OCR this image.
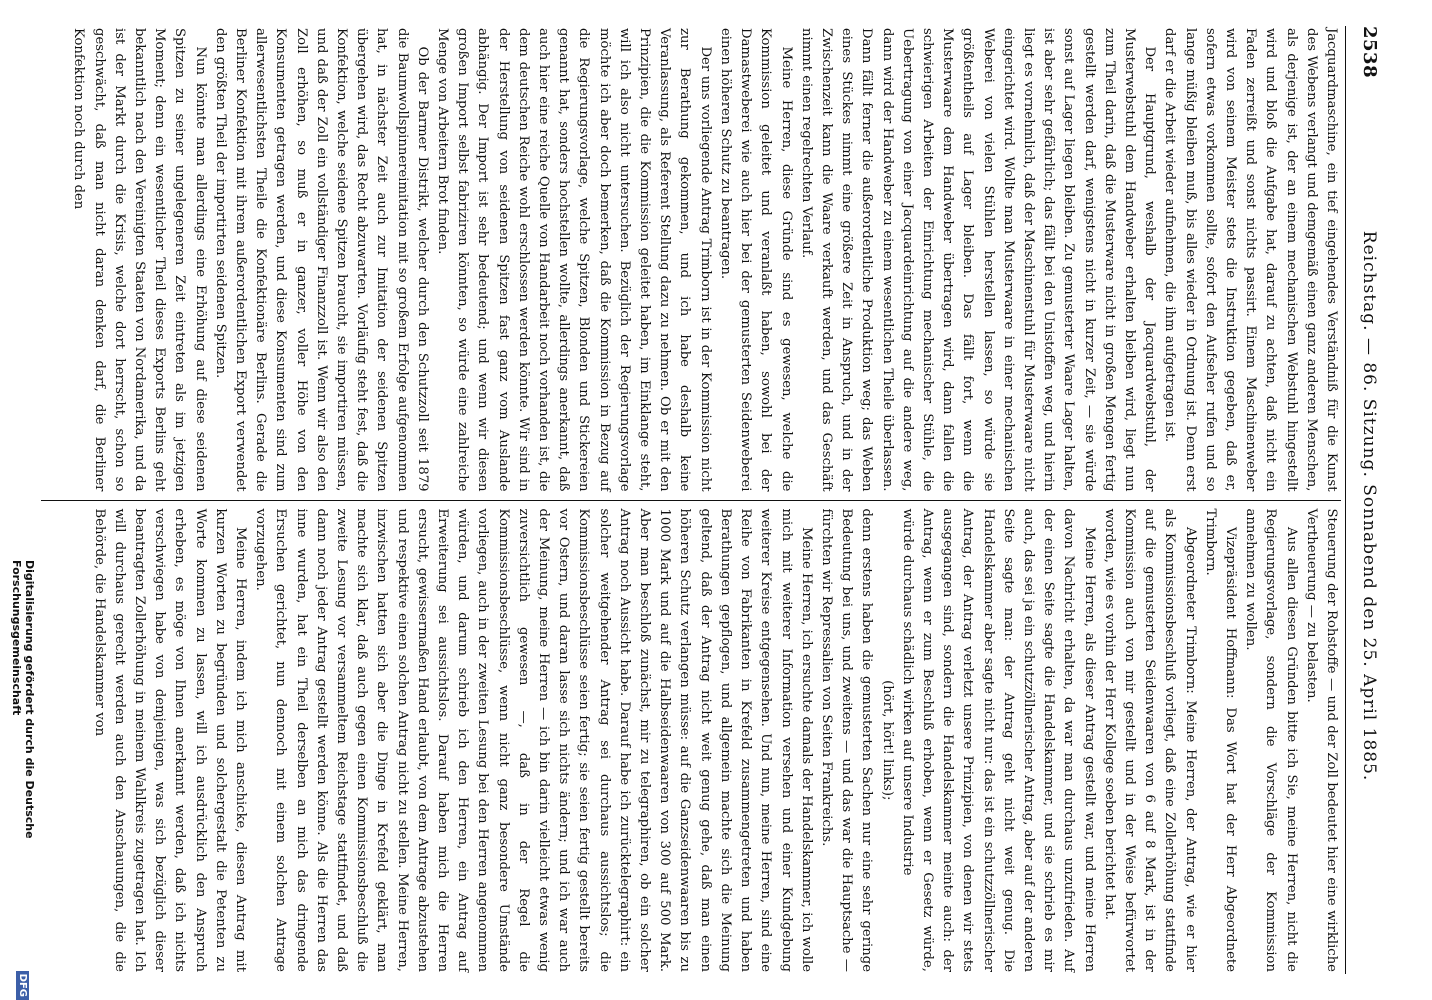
2538
Reichstag. — 86. Sitzung. Sonnabend den 25. April 1885.

Jacquardmaschine, ein tief eingehendes Verständniß für die Kunst des Webens verlangt und demgemäß einen ganz anderen Menschen, als derjenige ist, der an einem mechanischen Webstuhl hingestellt wird und bloß die Aufgabe hat, darauf zu achten, daß nicht ein Faden zerreißt und sonst nichts passirt. Einem Maschinenweber wird von seinem Meister stets die Instruktion gegeben, daß er, sofern etwas vorkommen sollte, sofort den Aufseher rufen und so lange müßig bleiben muß, bis alles wieder in Ordnung ist. Denn erst darf er die Arbeit wieder aufnehmen, die ihm aufgetragen ist.

Der Hauptgrund, weshalb der Jacquardwebstuhl, der Musterwebstuhl dem Handweber erhalten bleiben wird, liegt nun zum Theil darin, daß die Musterware nicht in großen Mengen fertig gestellt werden darf, wenigstens nicht in kurzer Zeit, — sie würde sonst auf Lager liegen bleiben. Zu gemusterter Waare Lager halten, ist aber sehr gefährlich; das fällt bei den Unistoffen weg, und hierin liegt es vornehmlich, daß der Maschinenstuhl für Musterwaare nicht eingerichtet wird. Wollte man Musterwaare in einer mechanischen Weberei von vielen Stühlen herstellen lassen, so würde sie größtentheils auf Lager bleiben. Das fällt fort, wenn die Musterwaare dem Handweber übertragen wird, dann fallen die schwierigen Arbeiten der Einrichtung mechanischer Stühle, die Uebertragung von einer Jacquardeinrichtung auf die andere weg, dann wird der Handweber zu einem wesentlichen Theile überlassen. Dann fällt ferner die außerordentliche Produktion weg; das Weben eines Stückes nimmt eine größere Zeit in Anspruch, und in der Zwischenzeit kann die Waare verkauft werden, und das Geschäft nimmt einen regelrechten Verlauf.

Meine Herren, diese Gründe sind es gewesen, welche die Kommission geleitet und veranlaßt haben, sowohl bei der Damastweberei wie auch hier bei der gemusterten Seidenweberei einen höheren Schutz zu beantragen.

Der uns vorliegende Antrag Trimborn ist in der Kommission nicht zur Berathung gekommen, und ich habe deshalb keine Veranlassung, als Referent Stellung dazu zu nehmen. Ob er mit den Prinzipien, die die Kommission geleitet haben, im Einklange steht, will ich also nicht untersuchen. Bezüglich der Regierungsvorlage möchte ich aber doch bemerken, daß die Kommission in Bezug auf die Regierungsvorlage, welche Spitzen, Blonden und Stickereien genannt hat, sonders hochstellen wollte, allerdings anerkannt, daß auch hier eine reiche Quelle von Handarbeit noch vorhanden ist, die dem deutschen Reiche wohl erschlossen werden könnte. Wir sind in der Herstellung von seidenen Spitzen fast ganz vom Auslande abhängig. Der Import ist sehr bedeutend; und wenn wir diesen großen Import selbst fabriziren könnten, so würde eine zahlreiche Menge von Arbeitern Brot finden.

Ob der Barmer Distrikt, welcher durch den Schutzzoll seit 1879 die Baumwollspinnereimitation mit so großem Erfolge aufgenommen hat, in nächster Zeit auch zur Imitation der seidenen Spitzen übergehen wird, das Recht abzuwarten. Vorläufig steht fest, daß die Konfektion, welche seidene Spitzen braucht, sie importiren müssen, und daß der Zoll ein vollständiger Finanzzoll ist. Wenn wir also den Zoll erhöhen, so muß er in ganzer, voller Höhe von den Konsumenten getragen werden, und diese Konsumenten sind zum allerwesentlichsten Theile die Konfektionäre Berlins. Gerade die Berliner Konfektion mit ihrem außerordentlichen Export verwendet den größten Theil der importirten seidenen Spitzen.

Nun könnte man allerdings eine Erhöhung auf diese seidenen Spitzen zu seiner ungelegeneren Zeit eintreten als im jetzigen Moment; denn ein wesentlicher Theil dieses Exports Berlins geht bekanntlich nach den Vereinigten Staaten von Nordamerika, und da ist der Markt durch die Krisis, welche dort herrscht, schon so geschwächt, daß man nicht daran denken darf, die Berliner Konfektion noch durch den

Steuerung der Rohstoffe — und der Zoll bedeutet hier eine wirkliche Vertheuerung — zu belasten.

Aus allen diesen Gründen bitte ich Sie, meine Herren, nicht die Regierungsvorlage, sondern die Vorschläge der Kommission annehmen zu wollen.

Vizepräsident Hoffmann: Das Wort hat der Herr Abgeordnete Trimborn.

Abgeordneter Trimborn: Meine Herren, der Antrag, wie er hier als Kommissionsbeschluß vorliegt, daß eine Zollerhöhung stattfinde auf die gemusterten Seidenwaaren von 6 auf 8 Mark, ist in der Kommission auch von mir gestellt und in der Weise befürwortet worden, wie es vorhin der Herr Kollege soeben berichtet hat.

Meine Herren, als dieser Antrag gestellt war, und meine Herren davon Nachricht erhalten, da war man durchaus unzufrieden. Auf der einen Seite sagte die Handelskammer, und sie schrieb es mir auch, das sei ja ein schutzzöllnerischer Antrag, aber auf der anderen Seite sagte man: der Antrag geht nicht weit genug. Die Handelskammer aber sagte nicht nur: das ist ein schutzzöllnerischer Antrag, der Antrag verletzt unsere Prinzipien, von denen wir stets ausgegangen sind, sondern die Handelskammer meinte auch: der Antrag, wenn er zum Beschluß erhoben, wenn er Gesetz würde, würde durchaus schädlich wirken auf unsere Industrie

(hört, hört! links);

denn erstens haben die gemusterten Sachen nur eine sehr geringe Bedeutung bei uns, und zweitens — und das war die Hauptsache — fürchten wir Repressalien von Seiten Frankreichs.

Meine Herren, ich ersuchte damals der Handelskammer, ich wolle mich mit weiterer Information versehen und einer Kundgebung weiterer Kreise entgegensehen. Und nun, meine Herren, sind eine Reihe von Fabrikanten in Krefeld zusammengetreten und haben Berathungen gepflogen, und allgemein machte sich die Meinung geltend, daß der Antrag nicht weit genug gehe, daß man einen höheren Schutz verlangen müsse: auf die Ganzseidenwaaren bis zu 1000 Mark und auf die Halbseidenwaaren von 300 auf 500 Mark. Aber man beschloß zunächst, mir zu telegraphiren, ob ein solcher Antrag noch Aussicht habe. Darauf habe ich zurücktelegraphirt: ein solcher weitgehender Antrag sei durchaus aussichtslos; die Kommissionsbeschlüsse seien fertig; sie seien fertig gestellt bereits vor Ostern, und daran lasse sich nichts ändern; und ich war auch der Meinung, meine Herren — ich bin darin vielleicht etwas wenig zuversichtlich gewesen —, daß in der Regel die Kommissionsbeschlüsse, wenn nicht ganz besondere Umstände vorliegen, auch in der zweiten Lesung bei den Herren angenommen würden, und darum schrieb ich den Herren, ein Antrag auf Erweiterung sei aussichtslos. Darauf haben mich die Herren ersucht, gewissermaßen Hand erlaubt, von dem Antrage abzustehen und respektive einen solchen Antrag nicht zu stellen. Meine Herren, inzwischen hatten sich aber die Dinge in Krefeld geklärt, man machte sich klar, daß auch gegen einen Kommissionsbeschluß die zweite Lesung vor versammeltem Reichstage stattfindet, und daß dann noch jeder Antrag gestellt werden könne. Als die Herren das inne wurden, hat ein Theil derselben an mich das dringende Ersuchen gerichtet, nun dennoch mit einem solchen Antrage vorzugehen.

Meine Herren, indem ich mich anschicke, diesen Antrag mit kurzen Worten zu begründen und solchergestalt die Petenten zu Worte kommen zu lassen, will ich ausdrücklich den Anspruch erheben, es möge von Ihnen anerkannt werden, daß ich nichts verschwiegen habe von demjenigen, was sich bezüglich dieser beantragten Zollerhöhung in meinem Wahlkreis zugetragen hat. Ich will durchaus gerecht werden auch den Anschauungen, die die Behörde, die Handelskammer von

Digitalisierung gefördert durch die Deutsche Forschungsgemeinschaft
DFG
